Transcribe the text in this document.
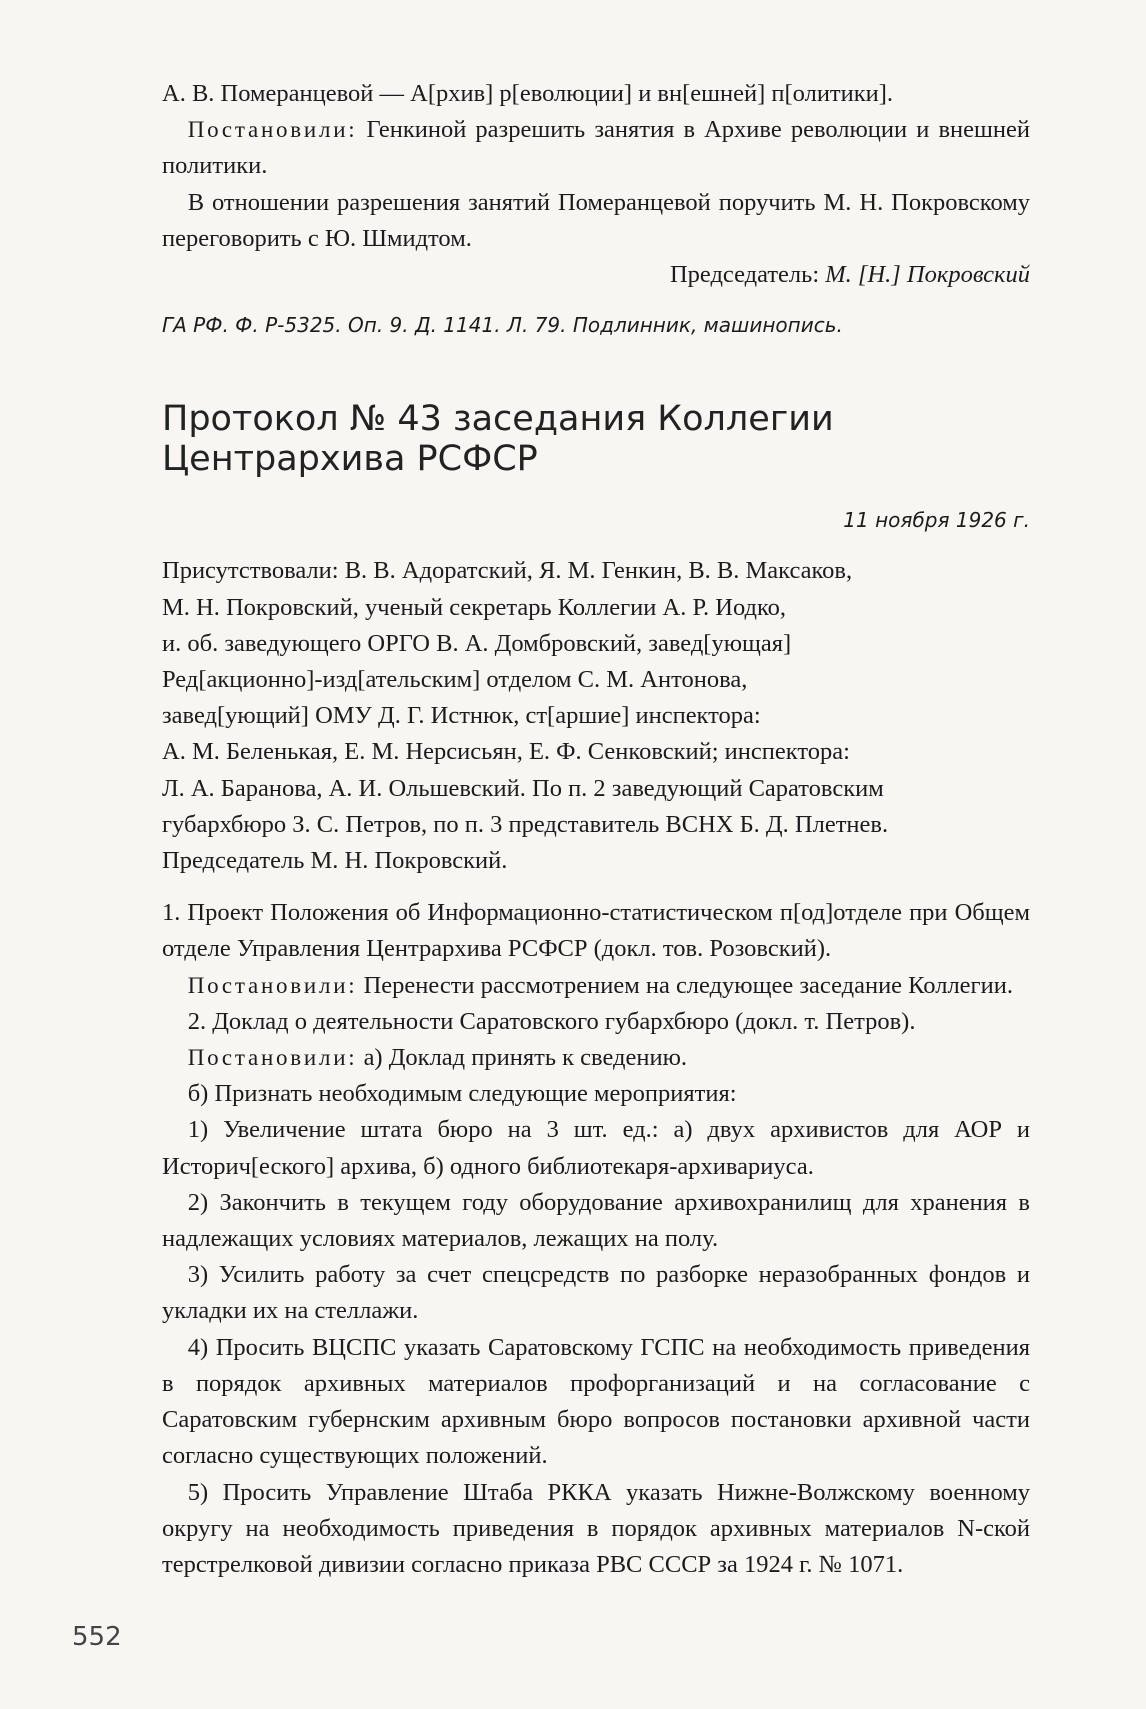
А. В. Померанцевой — А[рхив] р[еволюции] и вн[ешней] п[олитики].

Постановили: Генкиной разрешить занятия в Архиве революции и внешней политики.

В отношении разрешения занятий Померанцевой поручить М. Н. Покровскому переговорить с Ю. Шмидтом.

Председатель: М. [Н.] Покровский

ГА РФ. Ф. Р-5325. Оп. 9. Д. 1141. Л. 79. Подлинник, машинопись.

Протокол № 43 заседания Коллегии
Центрархива РСФСР

11 ноября 1926 г.

Присутствовали: В. В. Адоратский, Я. М. Генкин, В. В. Максаков,

М. Н. Покровский, ученый секретарь Коллегии А. Р. Иодко,

и. об. заведующего ОРГО В. А. Домбровский, завед[ующая]

Ред[акционно]-изд[ательским] отделом С. М. Антонова,

завед[ующий] ОМУ Д. Г. Истнюк, ст[аршие] инспектора:

А. М. Беленькая, Е. М. Нерсисьян, Е. Ф. Сенковский; инспектора:

Л. А. Баранова, А. И. Ольшевский. По п. 2 заведующий Саратовским

губархбюро З. С. Петров, по п. 3 представитель ВСНХ Б. Д. Плетнев.

Председатель М. Н. Покровский.

1. Проект Положения об Информационно-статистическом п[од]отделе при Общем отделе Управления Центрархива РСФСР (докл. тов. Розовский).

Постановили: Перенести рассмотрением на следующее заседание Коллегии.

2. Доклад о деятельности Саратовского губархбюро (докл. т. Петров).

Постановили: а) Доклад принять к сведению.

б) Признать необходимым следующие мероприятия:

1) Увеличение штата бюро на 3 шт. ед.: а) двух архивистов для АОР и Историч[еского] архива, б) одного библиотекаря-архивариуса.

2) Закончить в текущем году оборудование архивохранилищ для хранения в надлежащих условиях материалов, лежащих на полу.

3) Усилить работу за счет спецсредств по разборке неразобранных фондов и укладки их на стеллажи.

4) Просить ВЦСПС указать Саратовскому ГСПС на необходимость приведения в порядок архивных материалов профорганизаций и на согласование с Саратовским губернским архивным бюро вопросов постановки архивной части согласно существующих положений.

5) Просить Управление Штаба РККА указать Нижне-Волжскому военному округу на необходимость приведения в порядок архивных материалов N-ской терстрелковой дивизии согласно приказа РВС СССР за 1924 г. № 1071.

552
